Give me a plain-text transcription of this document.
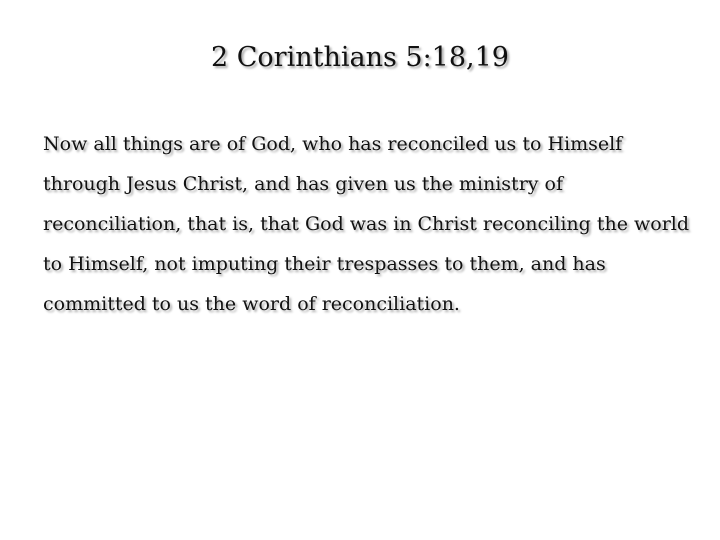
2 Corinthians 5:18,19
Now all things are of God, who has reconciled us to Himself
through Jesus Christ, and has given us the ministry of
reconciliation, that is, that God was in Christ reconciling the world
to Himself, not imputing their trespasses to them, and has
committed to us the word of reconciliation.
